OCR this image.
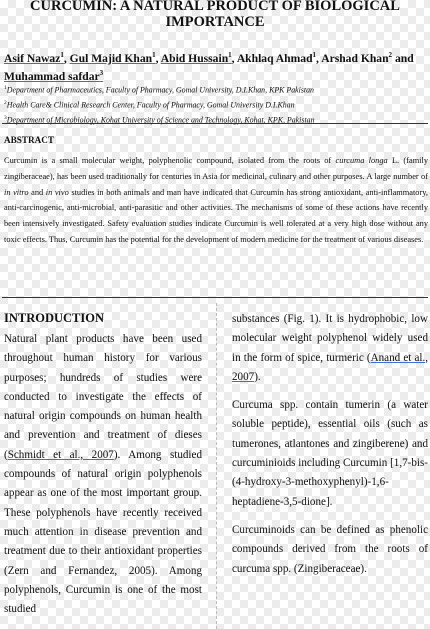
CURCUMIN: A NATURAL PRODUCT OF BIOLOGICAL
IMPORTANCE
Asif Nawaz$^1$, Gul Majid Khan$^1$, Abid Hussain$^1$, Akhlaq Ahmad$^1$, Arshad Khan$^2$ and Muhammad safdar$^3$
$^1$Department of Pharmaceutics, Faculty of Pharmacy, Gomal University, D.I.Khan, KPK Pakistan
$^2$Health Care& Clinical Research Center, Faculty of Pharmacy, Gomal University D.I.Khan
$^3$Department of Microbiology, Kohat University of Science and Technology, Kohat, KPK, Pakistan
ABSTRACT
Curcumin is a small molecular weight, polyphenolic compound, isolated from the roots of curcuma longa L. (family zingiberaceae), has been used traditionally for centuries in Asia for medicinal, culinary and other purposes. A large number of in vitro and in vivo studies in both animals and man have indicated that Curcumin has strong antioxidant, anti-inflammatory, anti-carcinogenic, anti-microbial, anti-parasitic and other activities. The mechanisms of some of these actions have recently been intensively investigated. Safety evaluation studies indicate Curcumin is well tolerated at a very high dose without any toxic effects. Thus, Curcumin has the potential for the development of modern medicine for the treatment of various diseases.
INTRODUCTION

Natural plant products have been used throughout human history for various purposes; hundreds of studies were conducted to investigate the effects of natural origin compounds on human health and prevention and treatment of dieses (Schmidt et al., 2007). Among studied compounds of natural origin polyphenols appear as one of the most important group. These polyphenols have recently received much attention in disease prevention and treatment due to their antioxidant properties (Zern and Fernandez, 2005). Among polyphenols, Curcumin is one of the most studied

substances (Fig. 1). It is hydrophobic, low molecular weight polyphenol widely used in the form of spice, turmeric (Anand et al., 2007).

Curcuma spp. contain tumerin (a water soluble peptide), essential oils (such as tumerones, atlantones and zingiberene) and curcuminioids including Curcumin [1,7-bis-(4-hydroxy-3-methoxyphenyl)-1,6-heptadiene-3,5-dione].

Curcuminoids can be defined as phenolic compounds derived from the roots of curcuma spp. (Zingiberaceae).
